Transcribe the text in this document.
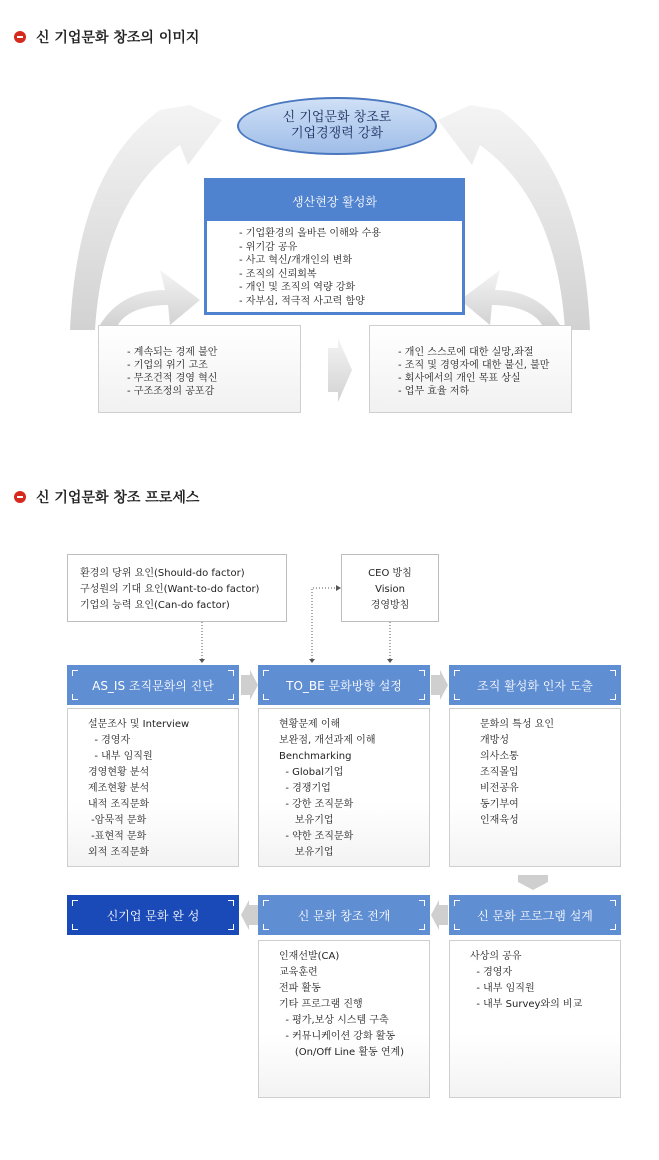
신 기업문화 창조의 이미지
신 기업문화 창조로
기업경쟁력 강화
생산현장 활성화
- 기업환경의 올바른 이해와 수용
- 위기감 공유
- 사고 혁신/개개인의 변화
- 조직의 신뢰회복
- 개인 및 조직의 역량 강화
- 자부심, 적극적 사고력 함양
- 계속되는 경제 불안
- 기업의 위기 고조
- 무조건적 경영 혁신
- 구조조정의 공포감
- 개인 스스로에 대한 실망,좌절
- 조직 및 경영자에 대한 불신, 불만
- 회사에서의 개인 목표 상실
- 업무 효율 저하
신 기업문화 창조 프로세스
환경의 당위 요인(Should-do factor)
구성원의 기대 요인(Want-to-do factor)
기업의 능력 요인(Can-do factor)
CEO 방침
Vision
경영방침
AS_IS 조직문화의 진단	TO_BE 문화방향 설정	조직 활성화 인자 도출
설문조사 및 Interview
- 경영자
- 내부 임직원
경영현황 분석
제조현황 분석
내적 조직문화
-암묵적 문화
-표현적 문화
외적 조직문화
현황문제 이해
보완점, 개선과제 이해
Benchmarking
- Global기업
- 경쟁기업
- 강한 조직문화
보유기업
- 약한 조직문화
보유기업
문화의 특성 요인
개방성
의사소통
조직몰입
비전공유
동기부여
인재육성
신기업 문화 완 성	신 문화 창조 전개	신 문화 프로그램 설계
인재선발(CA)
교육훈련
전파 활동
기타 프로그램 진행
- 평가,보상 시스템 구축
- 커뮤니케이션 강화 활동
(On/Off Line 활동 연계)
사상의 공유
- 경영자
- 내부 임직원
- 내부 Survey와의 비교
